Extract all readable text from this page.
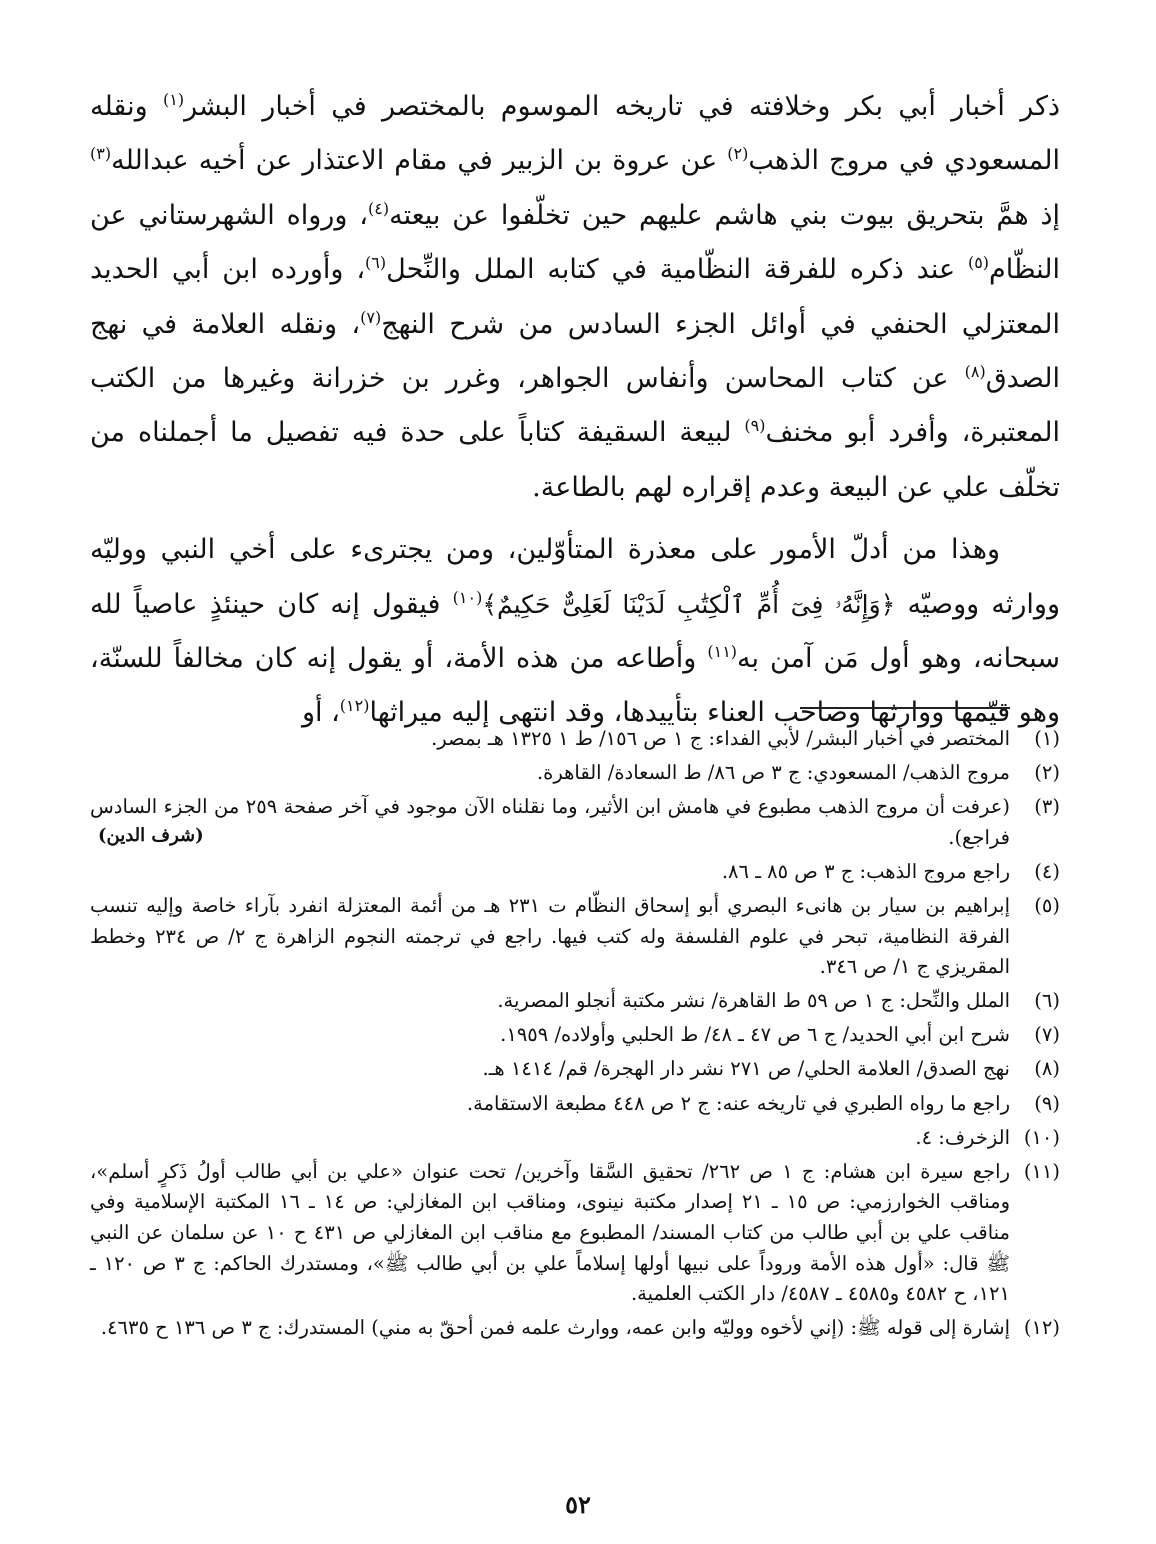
ذكر أخبار أبي بكر وخلافته في تاريخه الموسوم بالمختصر في أخبار البشر$^{(١)}$ ونقله المسعودي في مروج الذهب$^{(٢)}$ عن عروة بن الزبير في مقام الاعتذار عن أخيه عبدالله$^{(٣)}$ إذ همَّ بتحريق بيوت بني هاشم عليهم حين تخلّفوا عن بيعته$^{(٤)}$، ورواه الشهرستاني عن النظّام$^{(٥)}$ عند ذكره للفرقة النظّامية في كتابه الملل والنِّحل$^{(٦)}$، وأورده ابن أبي الحديد المعتزلي الحنفي في أوائل الجزء السادس من شرح النهج$^{(٧)}$، ونقله العلامة في نهج الصدق$^{(٨)}$ عن كتاب المحاسن وأنفاس الجواهر، وغرر بن خزرانة وغيرها من الكتب المعتبرة، وأفرد أبو مخنف$^{(٩)}$ لبيعة السقيفة كتاباً على حدة فيه تفصيل ما أجملناه من تخلّف علي عن البيعة وعدم إقراره لهم بالطاعة.

وهذا من أدلّ الأمور على معذرة المتأوّلين، ومن يجترىء على أخي النبي ووليّه ووارثه ووصيّه ﴿وَإِنَّهُۥ فِىٓ أُمِّ ٱلْكِتَٰبِ لَدَيْنَا لَعَلِىٌّ حَكِيمٌ﴾$^{(١٠)}$ فيقول إنه كان حينئذٍ عاصياً لله سبحانه، وهو أول مَن آمن به$^{(١١)}$ وأطاعه من هذه الأمة، أو يقول إنه كان مخالفاً للسنّة، وهو قيّمها ووارثها وصاحب العناء بتأييدها، وقد انتهى إليه ميراثها$^{(١٢)}$، أو

(١)
المختصر في أخبار البشر/ لأبي الفداء: ج ١ ص ١٥٦/ ط ١ ١٣٢٥ هـ بمصر.
(٢)
مروج الذهب/ المسعودي: ج ٣ ص ٨٦/ ط السعادة/ القاهرة.
(٣)
(عرفت أن مروج الذهب مطبوع في هامش ابن الأثير، وما نقلناه الآن موجود في آخر صفحة ٢٥٩ من الجزء السادس فراجع).
(شرف الدين)
(٤)
راجع مروج الذهب: ج ٣ ص ٨٥ ـ ٨٦.
(٥)
إبراهيم بن سيار بن هانىء البصري أبو إسحاق النظّام ت ٢٣١ هـ من أئمة المعتزلة انفرد بآراء خاصة وإليه تنسب الفرقة النظامية، تبحر في علوم الفلسفة وله كتب فيها. راجع في ترجمته النجوم الزاهرة ج ٢/ ص ٢٣٤ وخطط المقريزي ج ١/ ص ٣٤٦.
(٦)
الملل والنِّحل: ج ١ ص ٥٩ ط القاهرة/ نشر مكتبة أنجلو المصرية.
(٧)
شرح ابن أبي الحديد/ ج ٦ ص ٤٧ ـ ٤٨/ ط الحلبي وأولاده/ ١٩٥٩.
(٨)
نهج الصدق/ العلامة الحلي/ ص ٢٧١ نشر دار الهجرة/ قم/ ١٤١٤ هـ.
(٩)
راجع ما رواه الطبري في تاريخه عنه: ج ٢ ص ٤٤٨ مطبعة الاستقامة.
(١٠)
الزخرف: ٤.
(١١)
راجع سيرة ابن هشام: ج ١ ص ٢٦٢/ تحقيق السَّقا وآخرين/ تحت عنوان «علي بن أبي طالب أولُ ذَكرٍ أسلم»، ومناقب الخوارزمي: ص ١٥ ـ ٢١ إصدار مكتبة نينوى، ومناقب ابن المغازلي: ص ١٤ ـ ١٦ المكتبة الإسلامية وفي مناقب علي بن أبي طالب من كتاب المسند/ المطبوع مع مناقب ابن المغازلي ص ٤٣١ ح ١٠ عن سلمان عن النبي ﷺ قال: «أول هذه الأمة وروداً على نبيها أولها إسلاماً علي بن أبي طالب ﷺ»، ومستدرك الحاكم: ج ٣ ص ١٢٠ ـ ١٢١، ح ٤٥٨٢ و٤٥٨٥ ـ ٤٥٨٧/ دار الكتب العلمية.
(١٢)
إشارة إلى قوله ﷺ: (إني لأخوه ووليّه وابن عمه، ووارث علمه فمن أحقّ به مني) المستدرك: ج ٣ ص ١٣٦ ح ٤٦٣٥.
٥٢
